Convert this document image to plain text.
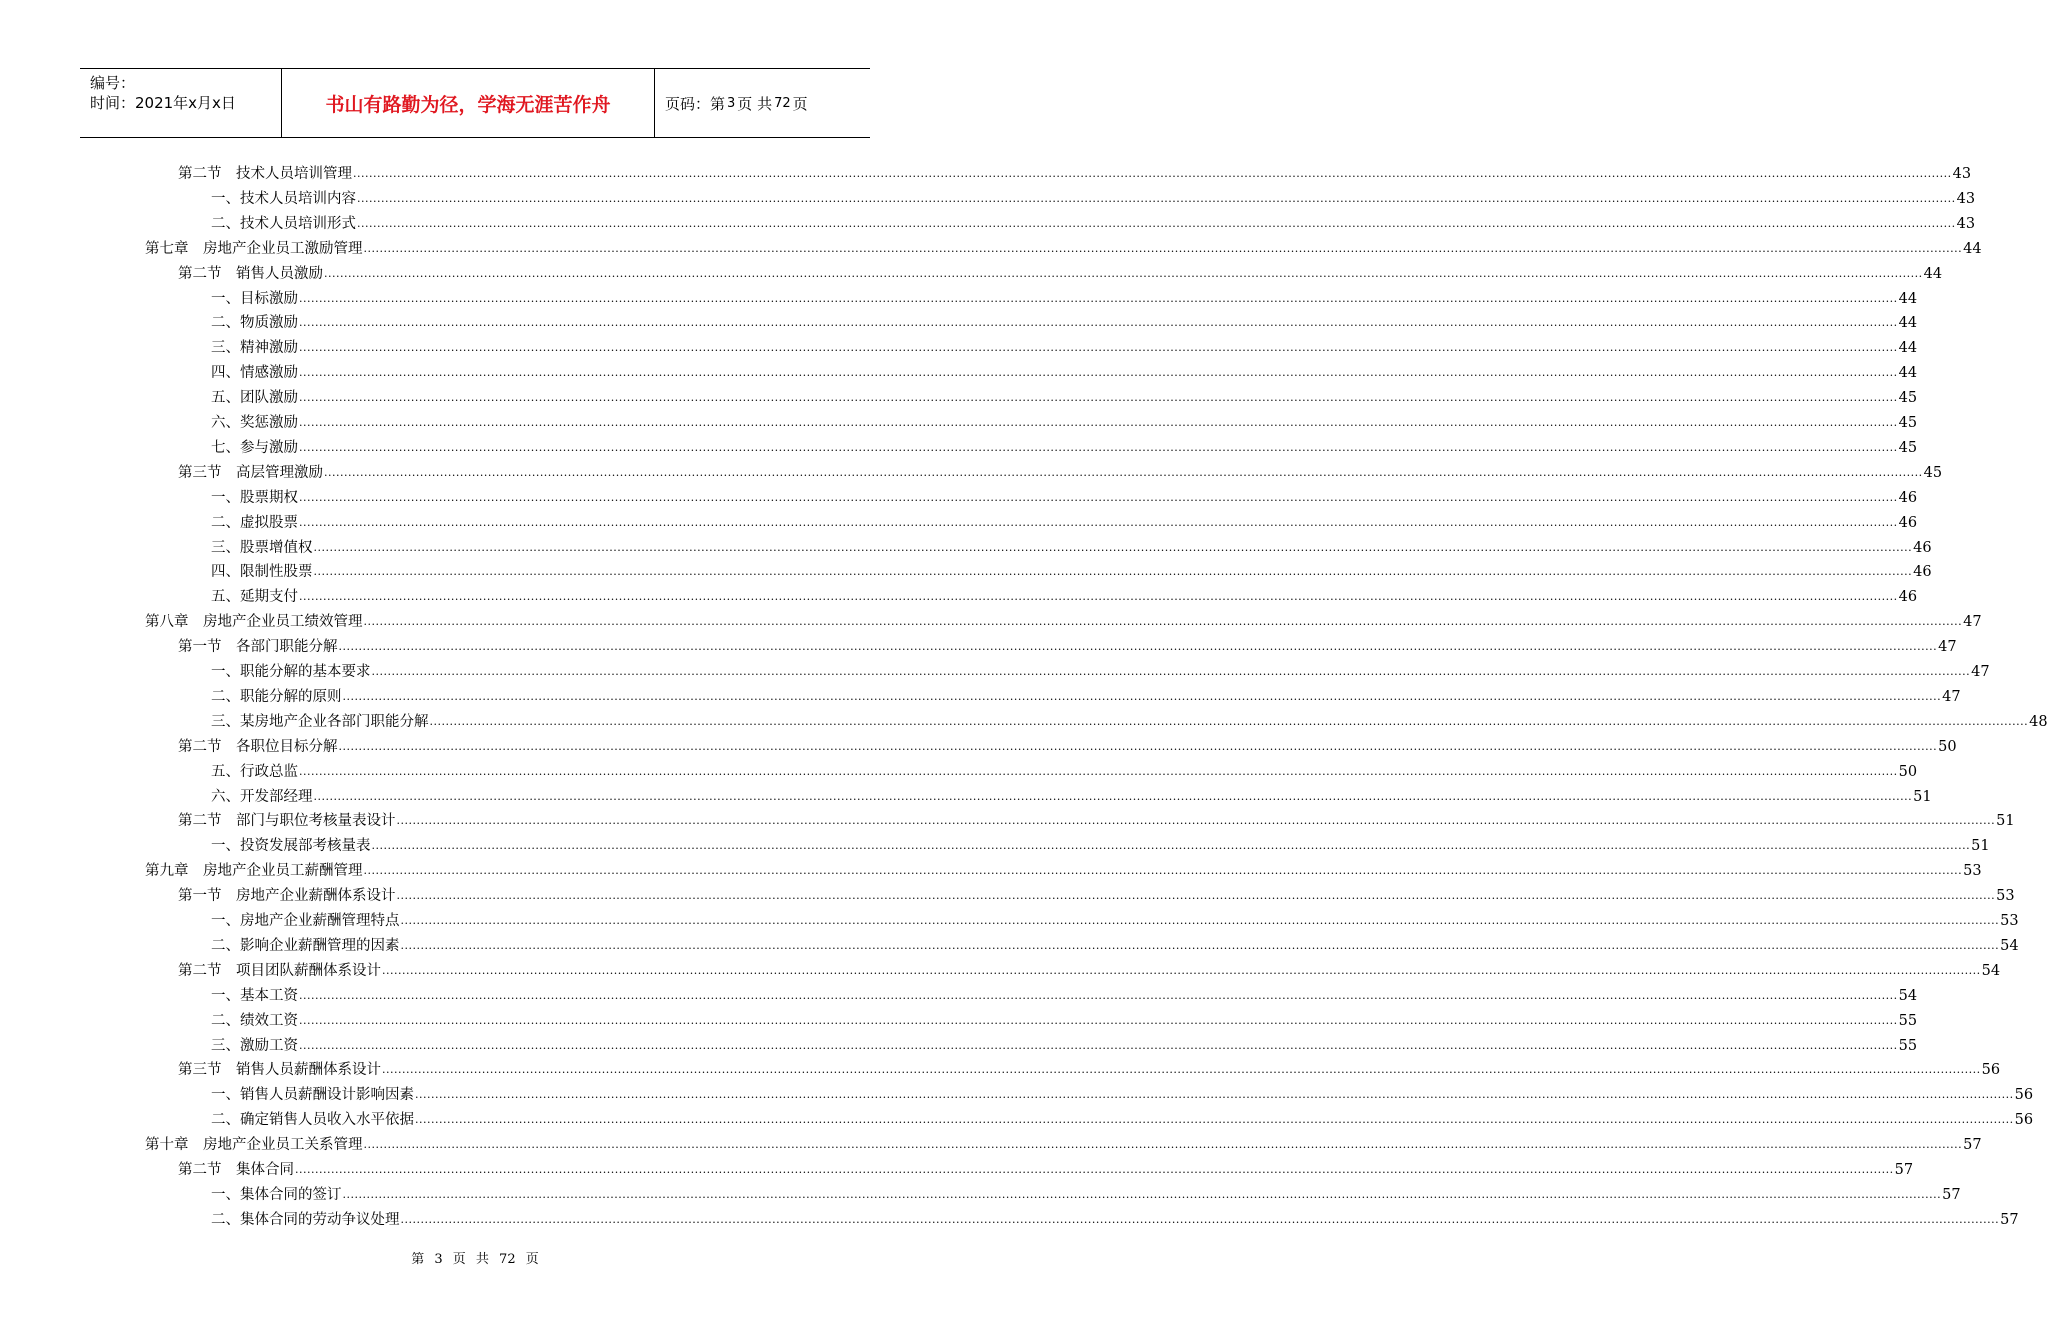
编号：
时间：2021年x月x日	书山有路勤为径，学海无涯苦作舟	页码：第 3 页 共 72 页
第二节　技术人员培训管理 ................................................................................................................................................................................................................................................................................................................................................................................................................ 43
一、技术人员培训内容 ................................................................................................................................................................................................................................................................................................................................................................................................................ 43
二、技术人员培训形式 ................................................................................................................................................................................................................................................................................................................................................................................................................ 43
第七章　房地产企业员工激励管理 ................................................................................................................................................................................................................................................................................................................................................................................................................ 44
第二节　销售人员激励 ................................................................................................................................................................................................................................................................................................................................................................................................................ 44
一、目标激励 ................................................................................................................................................................................................................................................................................................................................................................................................................ 44
二、物质激励 ................................................................................................................................................................................................................................................................................................................................................................................................................ 44
三、精神激励 ................................................................................................................................................................................................................................................................................................................................................................................................................ 44
四、情感激励 ................................................................................................................................................................................................................................................................................................................................................................................................................ 44
五、团队激励 ................................................................................................................................................................................................................................................................................................................................................................................................................ 45
六、奖惩激励 ................................................................................................................................................................................................................................................................................................................................................................................................................ 45
七、参与激励 ................................................................................................................................................................................................................................................................................................................................................................................................................ 45
第三节　高层管理激励 ................................................................................................................................................................................................................................................................................................................................................................................................................ 45
一、股票期权 ................................................................................................................................................................................................................................................................................................................................................................................................................ 46
二、虚拟股票 ................................................................................................................................................................................................................................................................................................................................................................................................................ 46
三、股票增值权 ................................................................................................................................................................................................................................................................................................................................................................................................................ 46
四、限制性股票 ................................................................................................................................................................................................................................................................................................................................................................................................................ 46
五、延期支付 ................................................................................................................................................................................................................................................................................................................................................................................................................ 46
第八章　房地产企业员工绩效管理 ................................................................................................................................................................................................................................................................................................................................................................................................................ 47
第一节　各部门职能分解 ................................................................................................................................................................................................................................................................................................................................................................................................................ 47
一、职能分解的基本要求 ................................................................................................................................................................................................................................................................................................................................................................................................................ 47
二、职能分解的原则 ................................................................................................................................................................................................................................................................................................................................................................................................................ 47
三、某房地产企业各部门职能分解 ................................................................................................................................................................................................................................................................................................................................................................................................................ 48
第二节　各职位目标分解 ................................................................................................................................................................................................................................................................................................................................................................................................................ 50
五、行政总监 ................................................................................................................................................................................................................................................................................................................................................................................................................ 50
六、开发部经理 ................................................................................................................................................................................................................................................................................................................................................................................................................ 51
第二节　部门与职位考核量表设计 ................................................................................................................................................................................................................................................................................................................................................................................................................ 51
一、投资发展部考核量表 ................................................................................................................................................................................................................................................................................................................................................................................................................ 51
第九章　房地产企业员工薪酬管理 ................................................................................................................................................................................................................................................................................................................................................................................................................ 53
第一节　房地产企业薪酬体系设计 ................................................................................................................................................................................................................................................................................................................................................................................................................ 53
一、房地产企业薪酬管理特点 ................................................................................................................................................................................................................................................................................................................................................................................................................ 53
二、影响企业薪酬管理的因素 ................................................................................................................................................................................................................................................................................................................................................................................................................ 54
第二节　项目团队薪酬体系设计 ................................................................................................................................................................................................................................................................................................................................................................................................................ 54
一、基本工资 ................................................................................................................................................................................................................................................................................................................................................................................................................ 54
二、绩效工资 ................................................................................................................................................................................................................................................................................................................................................................................................................ 55
三、激励工资 ................................................................................................................................................................................................................................................................................................................................................................................................................ 55
第三节　销售人员薪酬体系设计 ................................................................................................................................................................................................................................................................................................................................................................................................................ 56
一、销售人员薪酬设计影响因素 ................................................................................................................................................................................................................................................................................................................................................................................................................ 56
二、确定销售人员收入水平依据 ................................................................................................................................................................................................................................................................................................................................................................................................................ 56
第十章　房地产企业员工关系管理 ................................................................................................................................................................................................................................................................................................................................................................................................................ 57
第二节　集体合同 ................................................................................................................................................................................................................................................................................................................................................................................................................ 57
一、集体合同的签订 ................................................................................................................................................................................................................................................................................................................................................................................................................ 57
二、集体合同的劳动争议处理 ................................................................................................................................................................................................................................................................................................................................................................................................................ 57
第 3 页 共 72 页
